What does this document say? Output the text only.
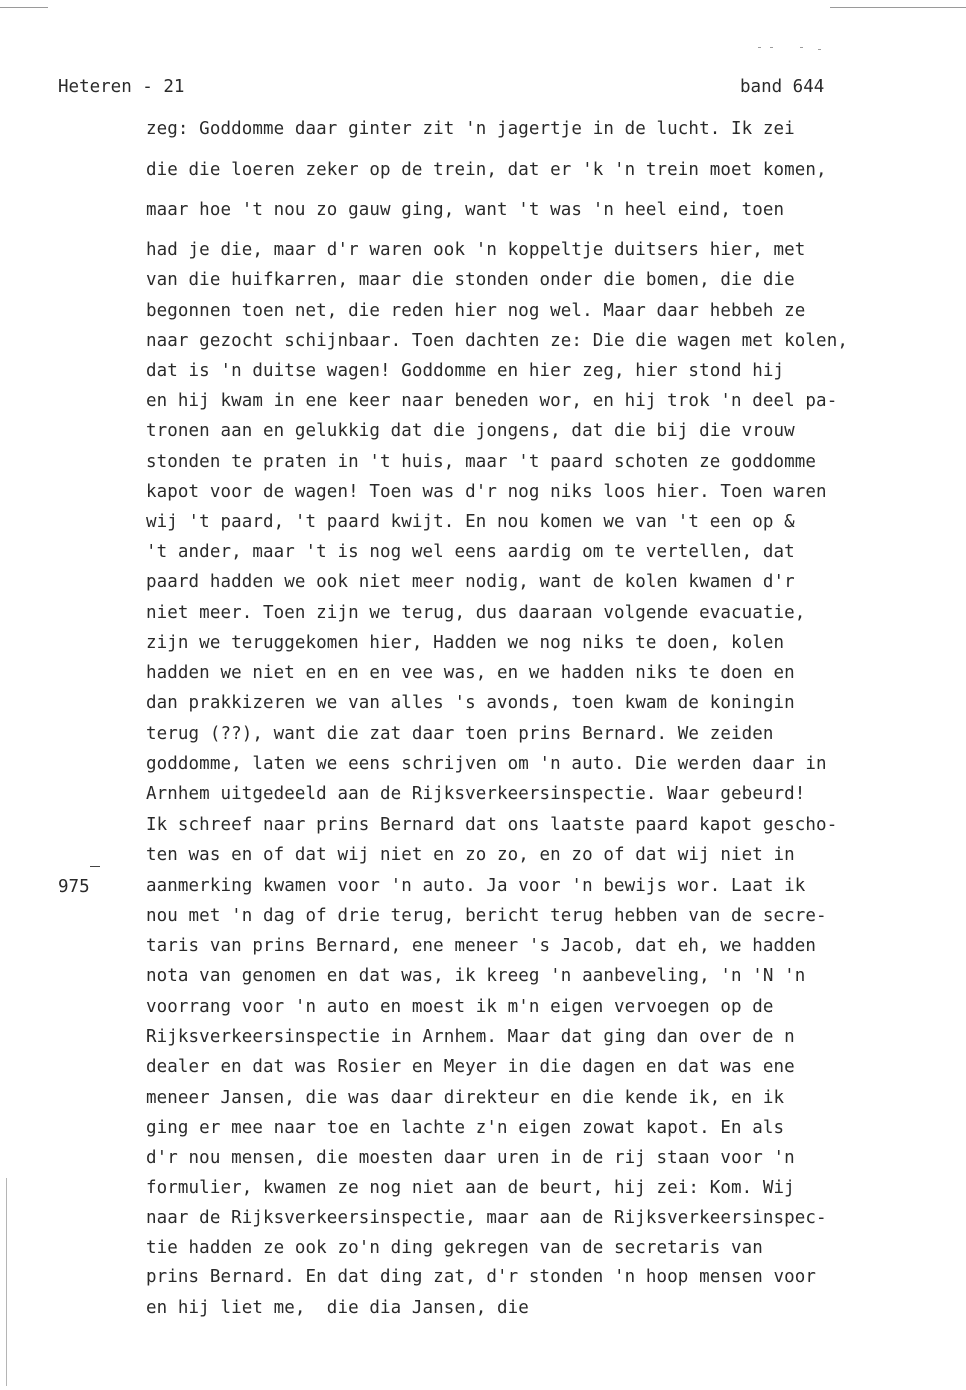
Heteren - 21	band 644
975
zeg: Goddomme daar ginter zit 'n jagertje in de lucht. Ik zei
die die loeren zeker op de trein, dat er 'k 'n trein moet komen,
maar hoe 't nou zo gauw ging, want 't was 'n heel eind, toen
had je die, maar d'r waren ook 'n koppeltje duitsers hier, met
van die huifkarren, maar die stonden onder die bomen, die die
begonnen toen net, die reden hier nog wel. Maar daar hebbeh ze
naar gezocht schijnbaar. Toen dachten ze: Die die wagen met kolen,
dat is 'n duitse wagen! Goddomme en hier zeg, hier stond hij
en hij kwam in ene keer naar beneden wor, en hij trok 'n deel pa-
tronen aan en gelukkig dat die jongens, dat die bij die vrouw
stonden te praten in 't huis, maar 't paard schoten ze goddomme
kapot voor de wagen! Toen was d'r nog niks loos hier. Toen waren
wij 't paard, 't paard kwijt. En nou komen we van 't een op &
't ander, maar 't is nog wel eens aardig om te vertellen, dat
paard hadden we ook niet meer nodig, want de kolen kwamen d'r
niet meer. Toen zijn we terug, dus daaraan volgende evacuatie,
zijn we teruggekomen hier, Hadden we nog niks te doen, kolen
hadden we niet en en en vee was, en we hadden niks te doen en
dan prakkizeren we van alles 's avonds, toen kwam de koningin
terug (??), want die zat daar toen prins Bernard. We zeiden
goddomme, laten we eens schrijven om 'n auto. Die werden daar in
Arnhem uitgedeeld aan de Rijksverkeersinspectie. Waar gebeurd!
Ik schreef naar prins Bernard dat ons laatste paard kapot gescho-
ten was en of dat wij niet en zo zo, en zo of dat wij niet in
aanmerking kwamen voor 'n auto. Ja voor 'n bewijs wor. Laat ik
nou met 'n dag of drie terug, bericht terug hebben van de secre-
taris van prins Bernard, ene meneer 's Jacob, dat eh, we hadden
nota van genomen en dat was, ik kreeg 'n aanbeveling, 'n 'N 'n
voorrang voor 'n auto en moest ik m'n eigen vervoegen op de
Rijksverkeersinspectie in Arnhem. Maar dat ging dan over de n
dealer en dat was Rosier en Meyer in die dagen en dat was ene
meneer Jansen, die was daar direkteur en die kende ik, en ik
ging er mee naar toe en lachte z'n eigen zowat kapot. En als
d'r nou mensen, die moesten daar uren in de rij staan voor 'n
formulier, kwamen ze nog niet aan de beurt, hij zei: Kom. Wij
naar de Rijksverkeersinspectie, maar aan de Rijksverkeersinspec-
tie hadden ze ook zo'n ding gekregen van de secretaris van
prins Bernard. En dat ding zat, d'r stonden 'n hoop mensen voor
en hij liet me,  die dia Jansen, die
